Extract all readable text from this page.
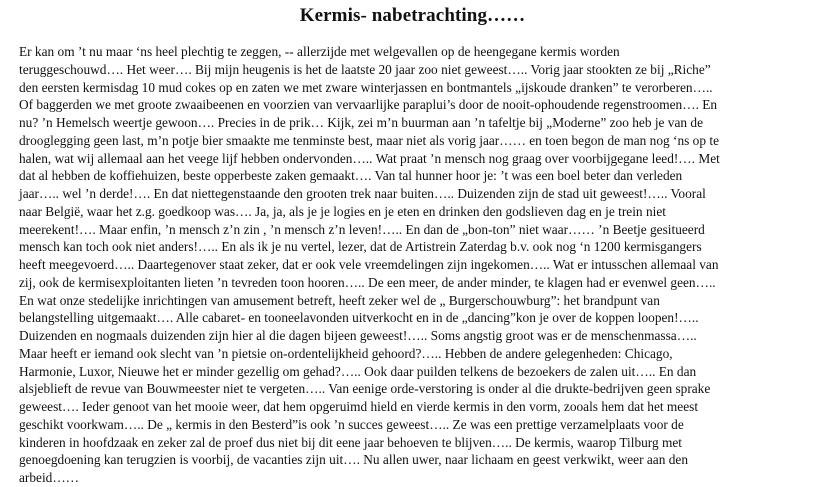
Kermis- nabetrachting……
Er kan om ’t nu maar ‘ns heel plechtig te zeggen, -- allerzijde met welgevallen op de heengegane kermis worden
teruggeschouwd…. Het weer…. Bij mijn heugenis is het de laatste 20 jaar zoo niet geweest….. Vorig jaar stookten ze bij „Riche”
den eersten kermisdag 10 mud cokes op en zaten we met zware winterjassen en bontmantels „ijskoude dranken” te verorberen…..
Of baggerden we met groote zwaaibeenen en voorzien van vervaarlijke paraplui’s door de nooit-ophoudende regenstroomen…. En
nu? ’n Hemelsch weertje gewoon…. Precies in de prik… Kijk, zei m’n buurman aan ’n tafeltje bij „Moderne” zoo heb je van de
drooglegging geen last, m’n potje bier smaakte me tenminste best, maar niet als vorig jaar…… en toen begon de man nog ‘ns op te
halen, wat wij allemaal aan het veege lijf hebben ondervonden….. Wat praat ’n mensch nog graag over voorbijgegane leed!…. Met
dat al hebben de koffiehuizen, beste opperbeste zaken gemaakt…. Van tal hunner hoor je: ’t was een boel beter dan verleden
jaar….. wel ’n derde!…. En dat niettegenstaande den grooten trek naar buiten….. Duizenden zijn de stad uit geweest!….. Vooral
naar België, waar het z.g. goedkoop was…. Ja, ja, als je je logies en je eten en drinken den godslieven dag en je trein niet
meerekent!…. Maar enfin, ’n mensch z’n zin , ’n mensch z’n leven!….. En dan de „bon-ton” niet waar…… ’n Beetje gesitueerd
mensch kan toch ook niet anders!….. En als ik je nu vertel, lezer, dat de Artistrein Zaterdag b.v. ook nog ‘n 1200 kermisgangers
heeft meegevoerd….. Daartegenover staat zeker, dat er ook vele vreemdelingen zijn ingekomen….. Wat er intusschen allemaal van
zij, ook de kermisexploitanten lieten ’n tevreden toon hooren….. De een meer, de ander minder, te klagen had er evenwel geen…..
En wat onze stedelijke inrichtingen van amusement betreft, heeft zeker wel de „ Burgerschouwburg”: het brandpunt van
belangstelling uitgemaakt…. Alle cabaret- en tooneelavonden uitverkocht en in de „dancing”kon je over de koppen loopen!…..
Duizenden en nogmaals duizenden zijn hier al die dagen bijeen geweest!….. Soms angstig groot was er de menschenmassa…..
Maar heeft er iemand ook slecht van ’n pietsie on-ordentelijkheid gehoord?….. Hebben de andere gelegenheden: Chicago,
Harmonie, Luxor, Nieuwe het er minder gezellig om gehad?….. Ook daar puilden telkens de bezoekers de zalen uit….. En dan
alsjeblieft de revue van Bouwmeester niet te vergeten….. Van eenige orde-verstoring is onder al die drukte-bedrijven geen sprake
geweest…. Ieder genoot van het mooie weer, dat hem opgeruimd hield en vierde kermis in den vorm, zooals hem dat het meest
geschikt voorkwam….. De „ kermis in den Besterd”is ook ’n succes geweest….. Ze was een prettige verzamelplaats voor de
kinderen in hoofdzaak en zeker zal de proef dus niet bij dit eene jaar behoeven te blijven….. De kermis, waarop Tilburg met
genoegdoening kan terugzien is voorbij, de vacanties zijn uit…. Nu allen uwer, naar lichaam en geest verkwikt, weer aan den
arbeid……
